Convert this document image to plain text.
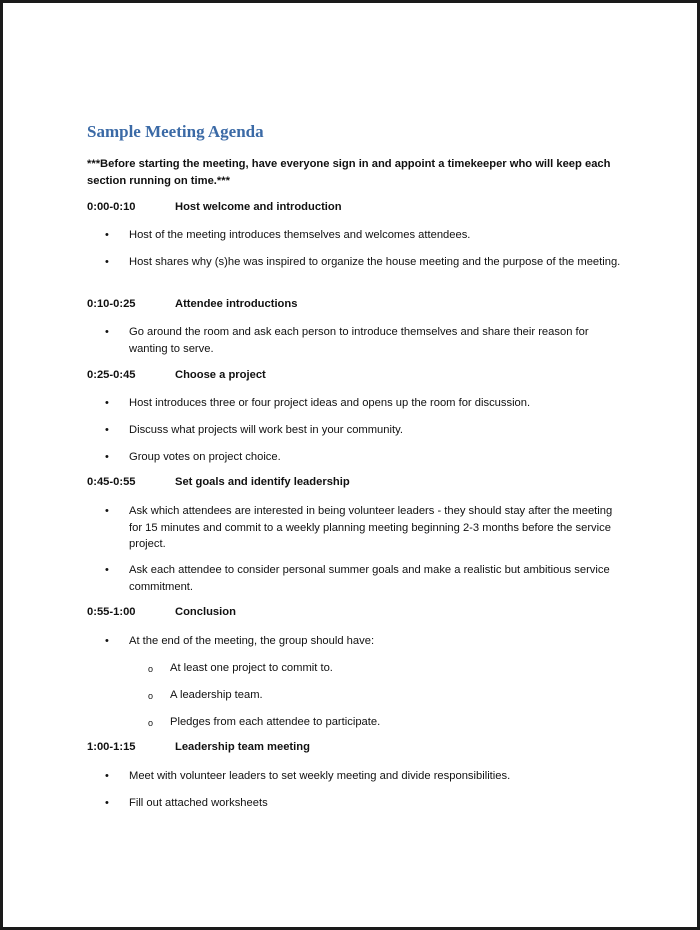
Sample Meeting Agenda

***Before starting the meeting, have everyone sign in and appoint a timekeeper who will keep each section running on time.***

0:00-0:10	Host welcome and introduction
• Host of the meeting introduces themselves and welcomes attendees.
• Host shares why (s)he was inspired to organize the house meeting and the purpose of the meeting.
0:10-0:25	Attendee introductions
• Go around the room and ask each person to introduce themselves and share their reason for wanting to serve.
0:25-0:45	Choose a project
• Host introduces three or four project ideas and opens up the room for discussion.
• Discuss what projects will work best in your community.
• Group votes on project choice.
0:45-0:55	Set goals and identify leadership
• Ask which attendees are interested in being volunteer leaders - they should stay after the meeting for 15 minutes and commit to a weekly planning meeting beginning 2-3 months before the service project.
• Ask each attendee to consider personal summer goals and make a realistic but ambitious service commitment.
0:55-1:00	Conclusion
• At the end of the meeting, the group should have:
o At least one project to commit to.
o A leadership team.
o Pledges from each attendee to participate.
1:00-1:15	Leadership team meeting
• Meet with volunteer leaders to set weekly meeting and divide responsibilities.
• Fill out attached worksheets
